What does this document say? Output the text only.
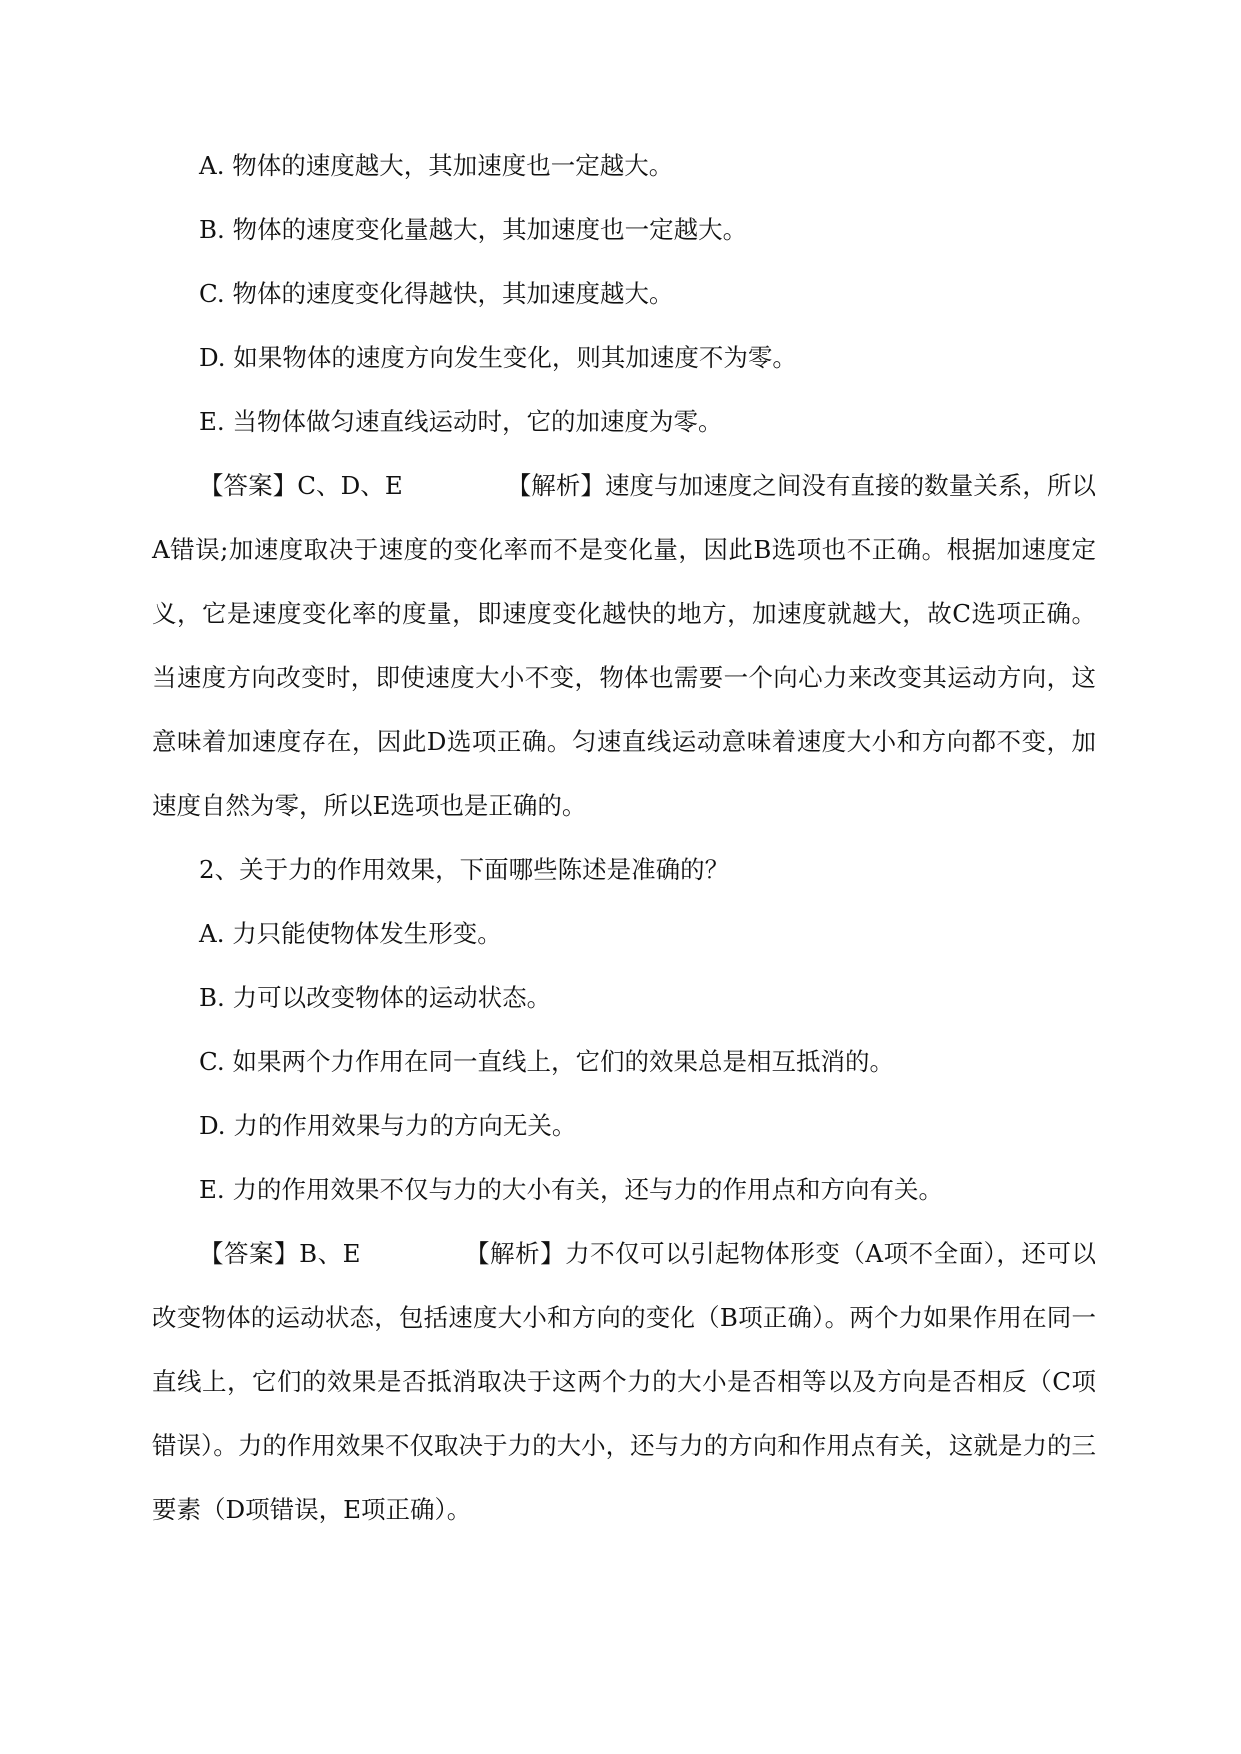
A. 物体的速度越大，其加速度也一定越大。
B. 物体的速度变化量越大，其加速度也一定越大。
C. 物体的速度变化得越快，其加速度越大。
D. 如果物体的速度方向发生变化，则其加速度不为零。
E. 当物体做匀速直线运动时，它的加速度为零。
【答案】C、D、E	【解析】速度与加速度之间没有直接的数量关系，所以A错误;加速度取决于速度的变化率而不是变化量，因此B选项也不正确。根据加速度定义，它是速度变化率的度量，即速度变化越快的地方，加速度就越大，故C选项正确。当速度方向改变时，即使速度大小不变，物体也需要一个向心力来改变其运动方向，这意味着加速度存在，因此D选项正确。匀速直线运动意味着速度大小和方向都不变，加速度自然为零，所以E选项也是正确的。
2、关于力的作用效果，下面哪些陈述是准确的？
A. 力只能使物体发生形变。
B. 力可以改变物体的运动状态。
C. 如果两个力作用在同一直线上，它们的效果总是相互抵消的。
D. 力的作用效果与力的方向无关。
E. 力的作用效果不仅与力的大小有关，还与力的作用点和方向有关。
【答案】B、E	【解析】力不仅可以引起物体形变（A项不全面），还可以改变物体的运动状态，包括速度大小和方向的变化（B项正确）。两个力如果作用在同一直线上，它们的效果是否抵消取决于这两个力的大小是否相等以及方向是否相反（C项错误）。力的作用效果不仅取决于力的大小，还与力的方向和作用点有关，这就是力的三要素（D项错误，E项正确）。
